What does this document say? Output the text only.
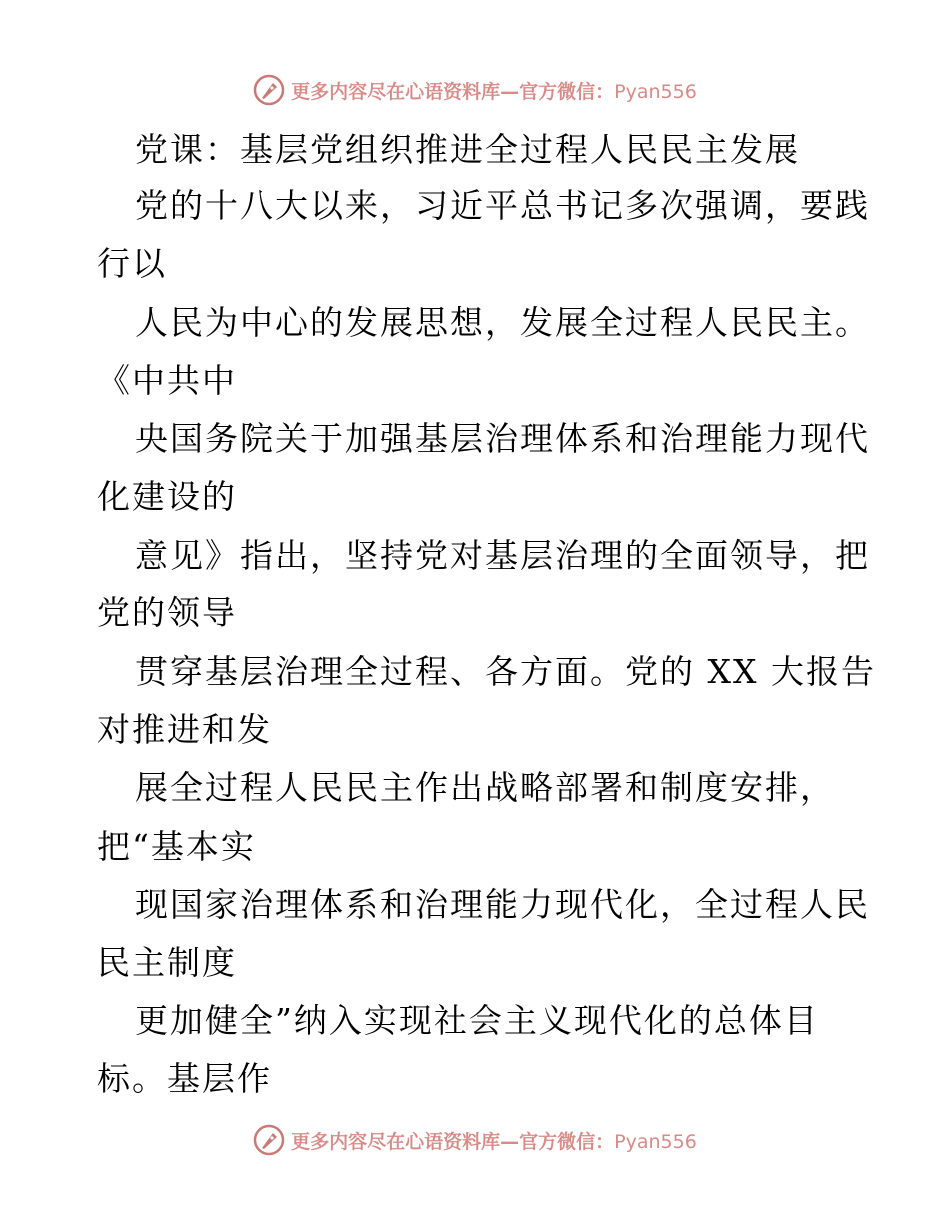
更多内容尽在心语资料库—官方微信：Pyan556
党课：基层党组织推进全过程人民民主发展
党的十八大以来，习近平总书记多次强调，要践
行以
人民为中心的发展思想，发展全过程人民民主。
《中共中
央国务院关于加强基层治理体系和治理能力现代
化建设的
意见》指出，坚持党对基层治理的全面领导，把
党的领导
贯穿基层治理全过程、各方面。党的 XX 大报告
对推进和发
展全过程人民民主作出战略部署和制度安排，
把“基本实
现国家治理体系和治理能力现代化，全过程人民
民主制度
更加健全”纳入实现社会主义现代化的总体目
标。基层作
更多内容尽在心语资料库—官方微信：Pyan556
